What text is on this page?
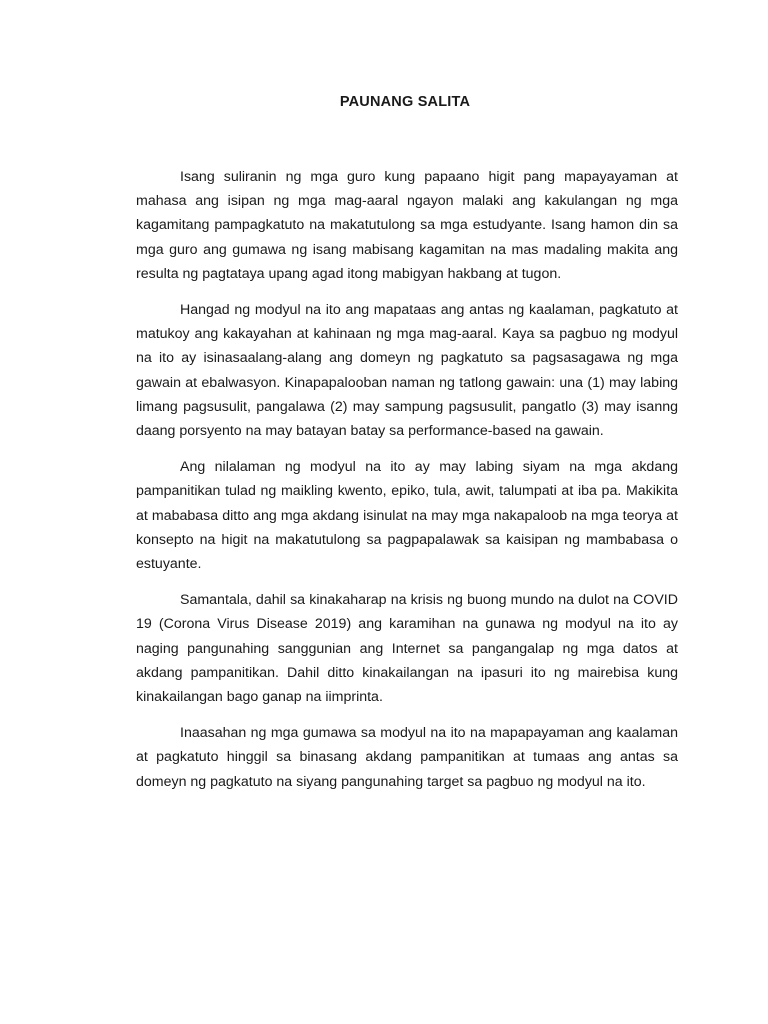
PAUNANG SALITA

Isang suliranin ng mga guro kung papaano higit pang mapayayaman at mahasa ang isipan ng mga mag-aaral ngayon malaki ang kakulangan ng mga kagamitang pampagkatuto na makatutulong sa mga estudyante. Isang hamon din sa mga guro ang gumawa ng isang mabisang kagamitan na mas madaling makita ang resulta ng pagtataya upang agad itong mabigyan hakbang at tugon.

Hangad ng modyul na ito ang mapataas ang antas ng kaalaman, pagkatuto at matukoy ang kakayahan at kahinaan ng mga mag-aaral. Kaya sa pagbuo ng modyul na ito ay isinasaalang-alang ang domeyn ng pagkatuto sa pagsasagawa ng mga gawain at ebalwasyon. Kinapapalooban naman ng tatlong gawain: una (1) may labing limang pagsusulit, pangalawa (2) may sampung pagsusulit, pangatlo (3) may isanng daang porsyento na may batayan batay sa performance-based na gawain.

Ang nilalaman ng modyul na ito ay may labing siyam na mga akdang pampanitikan tulad ng maikling kwento, epiko, tula, awit, talumpati at iba pa. Makikita at mababasa ditto ang mga akdang isinulat na may mga nakapaloob na mga teorya at konsepto na higit na makatutulong sa pagpapalawak sa kaisipan ng mambabasa o estuyante.

Samantala, dahil sa kinakaharap na krisis ng buong mundo na dulot na COVID 19 (Corona Virus Disease 2019) ang karamihan na gunawa ng modyul na ito ay naging pangunahing sanggunian ang Internet sa pangangalap ng mga datos at akdang pampanitikan. Dahil ditto kinakailangan na ipasuri ito ng mairebisa kung kinakailangan bago ganap na iimprinta.

Inaasahan ng mga gumawa sa modyul na ito na mapapayaman ang kaalaman at pagkatuto hinggil sa binasang akdang pampanitikan at tumaas ang antas sa domeyn ng pagkatuto na siyang pangunahing target sa pagbuo ng modyul na ito.
